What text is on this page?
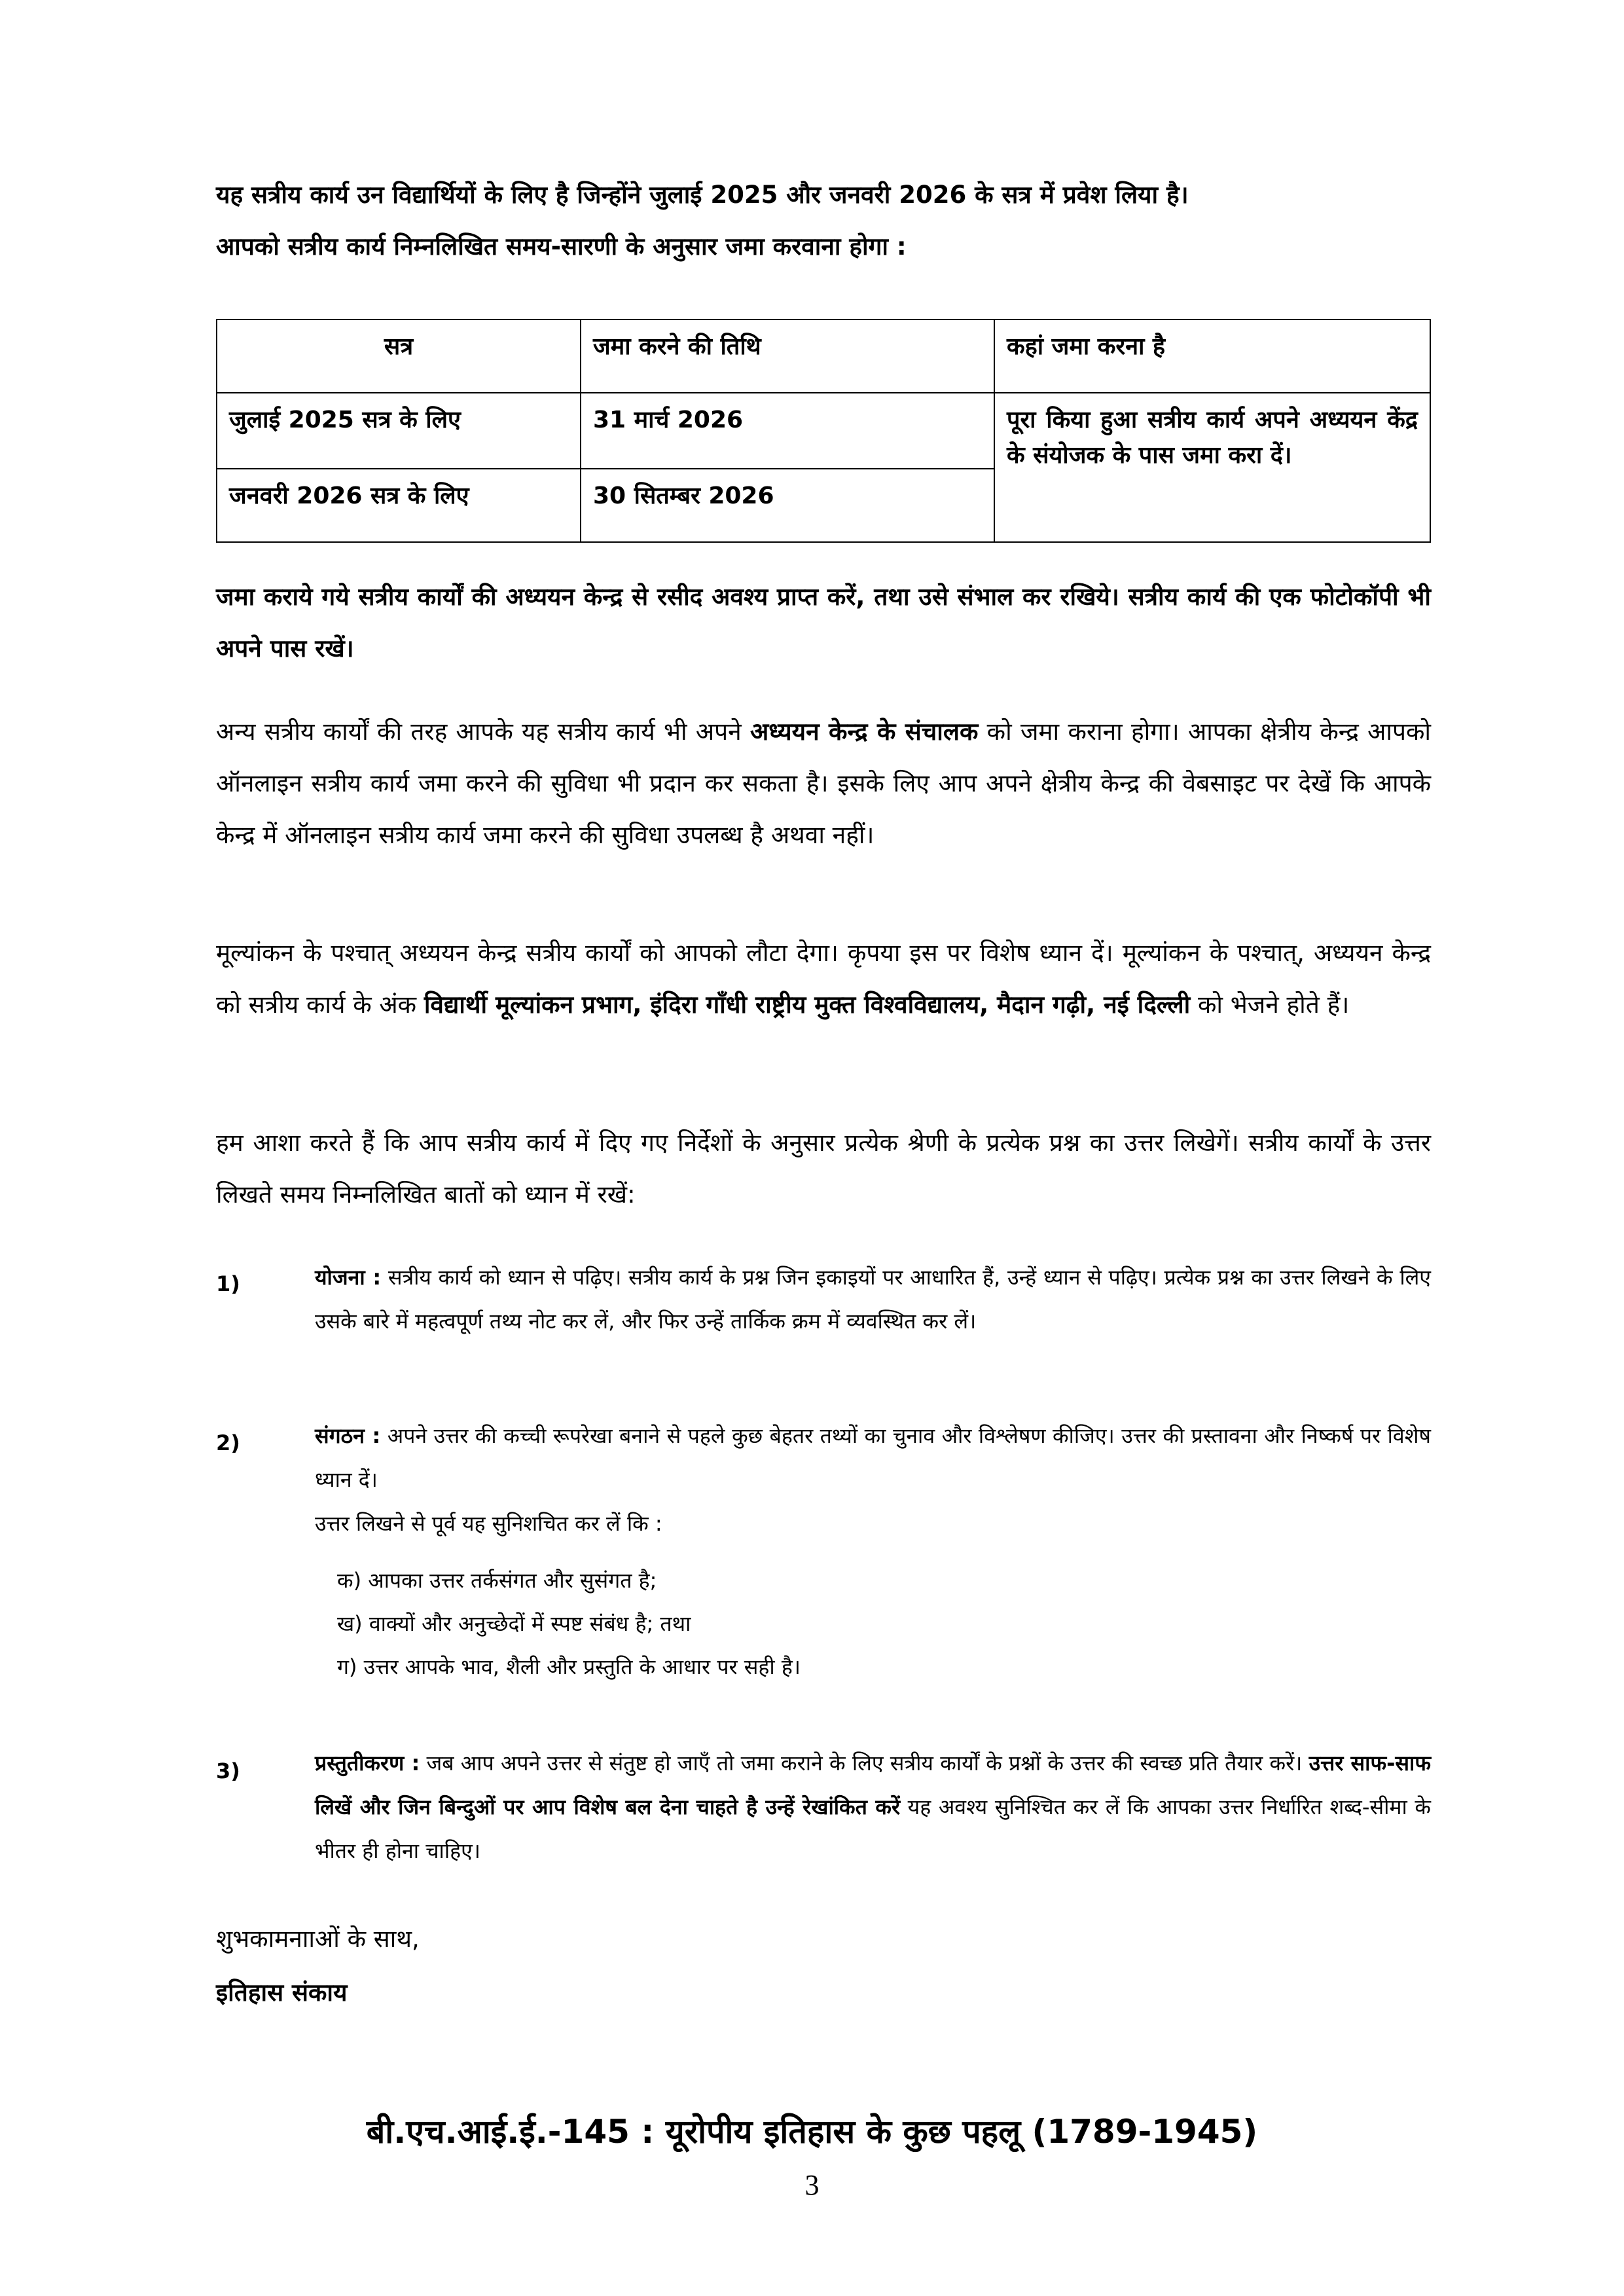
यह सत्रीय कार्य उन विद्यार्थियों के लिए है जिन्होंने जुलाई 2025 और जनवरी 2026 के सत्र में प्रवेश लिया है।
आपको सत्रीय कार्य निम्नलिखित समय-सारणी के अनुसार जमा करवाना होगा :

सत्र	जमा करने की तिथि	कहां जमा करना है
जुलाई 2025 सत्र के लिए	31 मार्च 2026	पूरा किया हुआ सत्रीय कार्य अपने अध्ययन केंद्र के संयोजक के पास जमा करा दें।
जनवरी 2026 सत्र के लिए	30 सितम्बर 2026	

जमा कराये गये सत्रीय कार्यों की अध्ययन केन्द्र से रसीद अवश्य प्राप्त करें, तथा उसे संभाल कर रखिये। सत्रीय कार्य की एक फोटोकॉपी भी अपने पास रखें।

अन्य सत्रीय कार्यों की तरह आपके यह सत्रीय कार्य भी अपने अध्ययन केन्द्र के संचालक को जमा कराना होगा। आपका क्षेत्रीय केन्द्र आपको ऑनलाइन सत्रीय कार्य जमा करने की सुविधा भी प्रदान कर सकता है। इसके लिए आप अपने क्षेत्रीय केन्द्र की वेबसाइट पर देखें कि आपके केन्द्र में ऑनलाइन सत्रीय कार्य जमा करने की सुविधा उपलब्ध है अथवा नहीं।

मूल्यांकन के पश्चात् अध्ययन केन्द्र सत्रीय कार्यों को आपको लौटा देगा। कृपया इस पर विशेष ध्यान दें। मूल्यांकन के पश्चात्, अध्ययन केन्द्र को सत्रीय कार्य के अंक विद्यार्थी मूल्यांकन प्रभाग, इंदिरा गाँधी राष्ट्रीय मुक्त विश्वविद्यालय, मैदान गढ़ी, नई दिल्ली को भेजने होते हैं।

हम आशा करते हैं कि आप सत्रीय कार्य में दिए गए निर्देशों के अनुसार प्रत्येक श्रेणी के प्रत्येक प्रश्न का उत्तर लिखेगें। सत्रीय कार्यों के उत्तर लिखते समय निम्नलिखित बातों को ध्यान में रखें:

1)	योजना : सत्रीय कार्य को ध्यान से पढ़िए। सत्रीय कार्य के प्रश्न जिन इकाइयों पर आधारित हैं, उन्हें ध्यान से पढ़िए। प्रत्येक प्रश्न का उत्तर लिखने के लिए उसके बारे में महत्वपूर्ण तथ्य नोट कर लें, और फिर उन्हें तार्किक क्रम में व्यवस्थित कर लें।

2)	संगठन : अपने उत्तर की कच्ची रूपरेखा बनाने से पहले कुछ बेहतर तथ्यों का चुनाव और विश्लेषण कीजिए। उत्तर की प्रस्तावना और निष्कर्ष पर विशेष ध्यान दें।
उत्तर लिखने से पूर्व यह सुनिशचित कर लें कि :

क) आपका उत्तर तर्कसंगत और सुसंगत है;
ख) वाक्यों और अनुच्छेदों में स्पष्ट संबंध है; तथा
ग) उत्तर आपके भाव, शैली और प्रस्तुति के आधार पर सही है।
3)	प्रस्तुतीकरण : जब आप अपने उत्तर से संतुष्ट हो जाएँ तो जमा कराने के लिए सत्रीय कार्यों के प्रश्नों के उत्तर की स्वच्छ प्रति तैयार करें। उत्तर साफ-साफ लिखें और जिन बिन्दुओं पर आप विशेष बल देना चाहते है उन्हें रेखांकित करें यह अवश्य सुनिश्चित कर लें कि आपका उत्तर निर्धारित शब्द-सीमा के भीतर ही होना चाहिए।

शुभकामनााओं के साथ,
इतिहास संकाय
बी.एच.आई.ई.-145 : यूरोपीय इतिहास के कुछ पहलू (1789-1945)
3
